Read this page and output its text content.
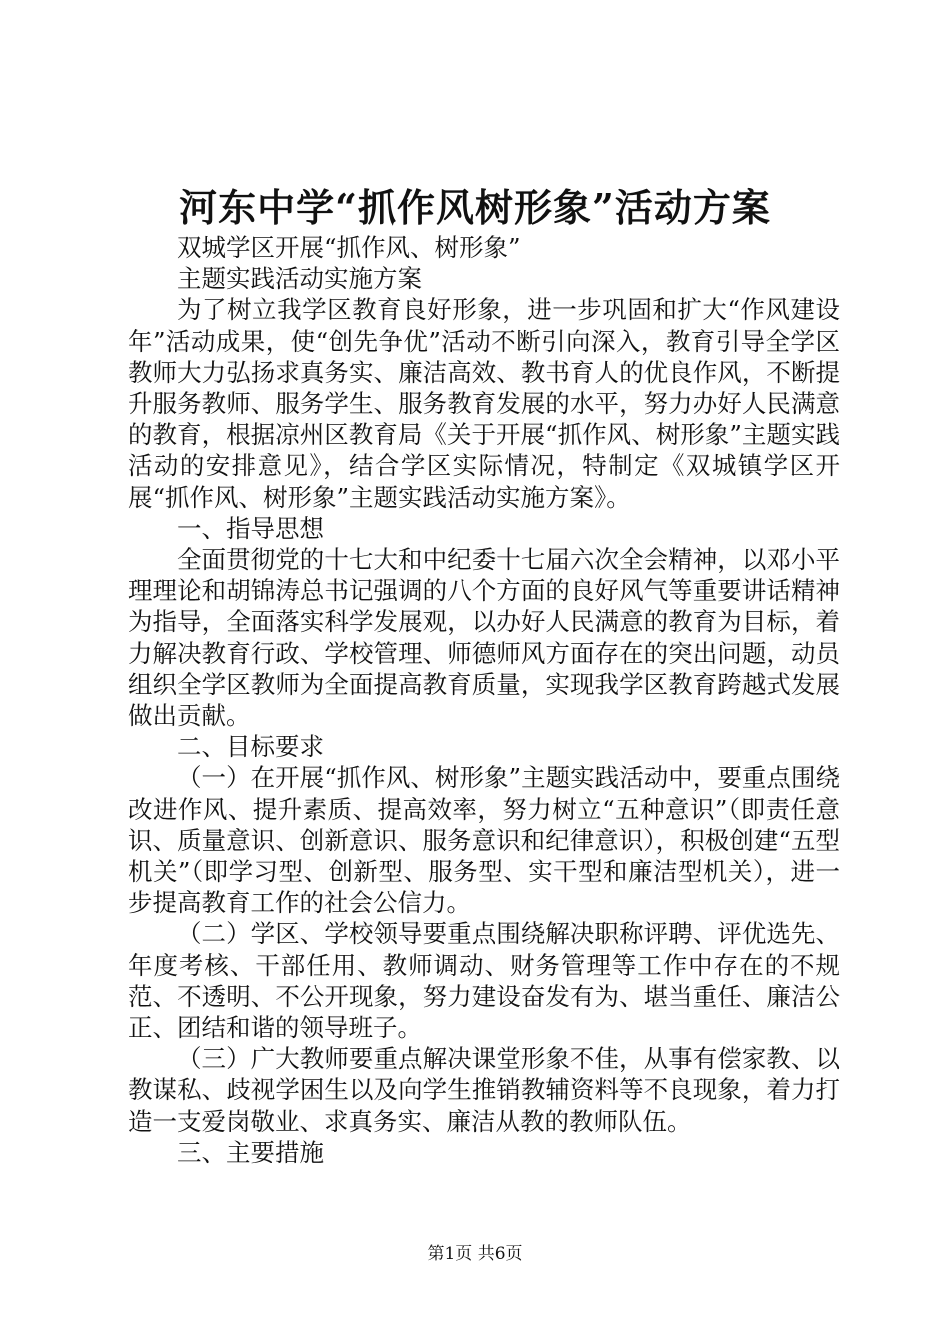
河东中学“抓作风树形象”活动方案

双城学区开展“抓作风、树形象”

主题实践活动实施方案

为了树立我学区教育良好形象，进一步巩固和扩大“作风建设年”活动成果，使“创先争优”活动不断引向深入，教育引导全学区教师大力弘扬求真务实、廉洁高效、教书育人的优良作风，不断提升服务教师、服务学生、服务教育发展的水平，努力办好人民满意的教育，根据凉州区教育局《关于开展“抓作风、树形象”主题实践活动的安排意见》，结合学区实际情况，特制定《双城镇学区开展“抓作风、树形象”主题实践活动实施方案》。

一、指导思想

全面贯彻党的十七大和中纪委十七届六次全会精神，以邓小平理理论和胡锦涛总书记强调的八个方面的良好风气等重要讲话精神为指导，全面落实科学发展观，以办好人民满意的教育为目标，着力解决教育行政、学校管理、师德师风方面存在的突出问题，动员组织全学区教师为全面提高教育质量，实现我学区教育跨越式发展做出贡献。

二、目标要求

（一）在开展“抓作风、树形象”主题实践活动中，要重点围绕改进作风、提升素质、提高效率，努力树立“五种意识”（即责任意识、质量意识、创新意识、服务意识和纪律意识），积极创建“五型机关”（即学习型、创新型、服务型、实干型和廉洁型机关），进一步提高教育工作的社会公信力。

（二）学区、学校领导要重点围绕解决职称评聘、评优选先、年度考核、干部任用、教师调动、财务管理等工作中存在的不规范、不透明、不公开现象，努力建设奋发有为、堪当重任、廉洁公正、团结和谐的领导班子。

（三）广大教师要重点解决课堂形象不佳，从事有偿家教、以教谋私、歧视学困生以及向学生推销教辅资料等不良现象，着力打造一支爱岗敬业、求真务实、廉洁从教的教师队伍。

三、主要措施

第1页 共6页
